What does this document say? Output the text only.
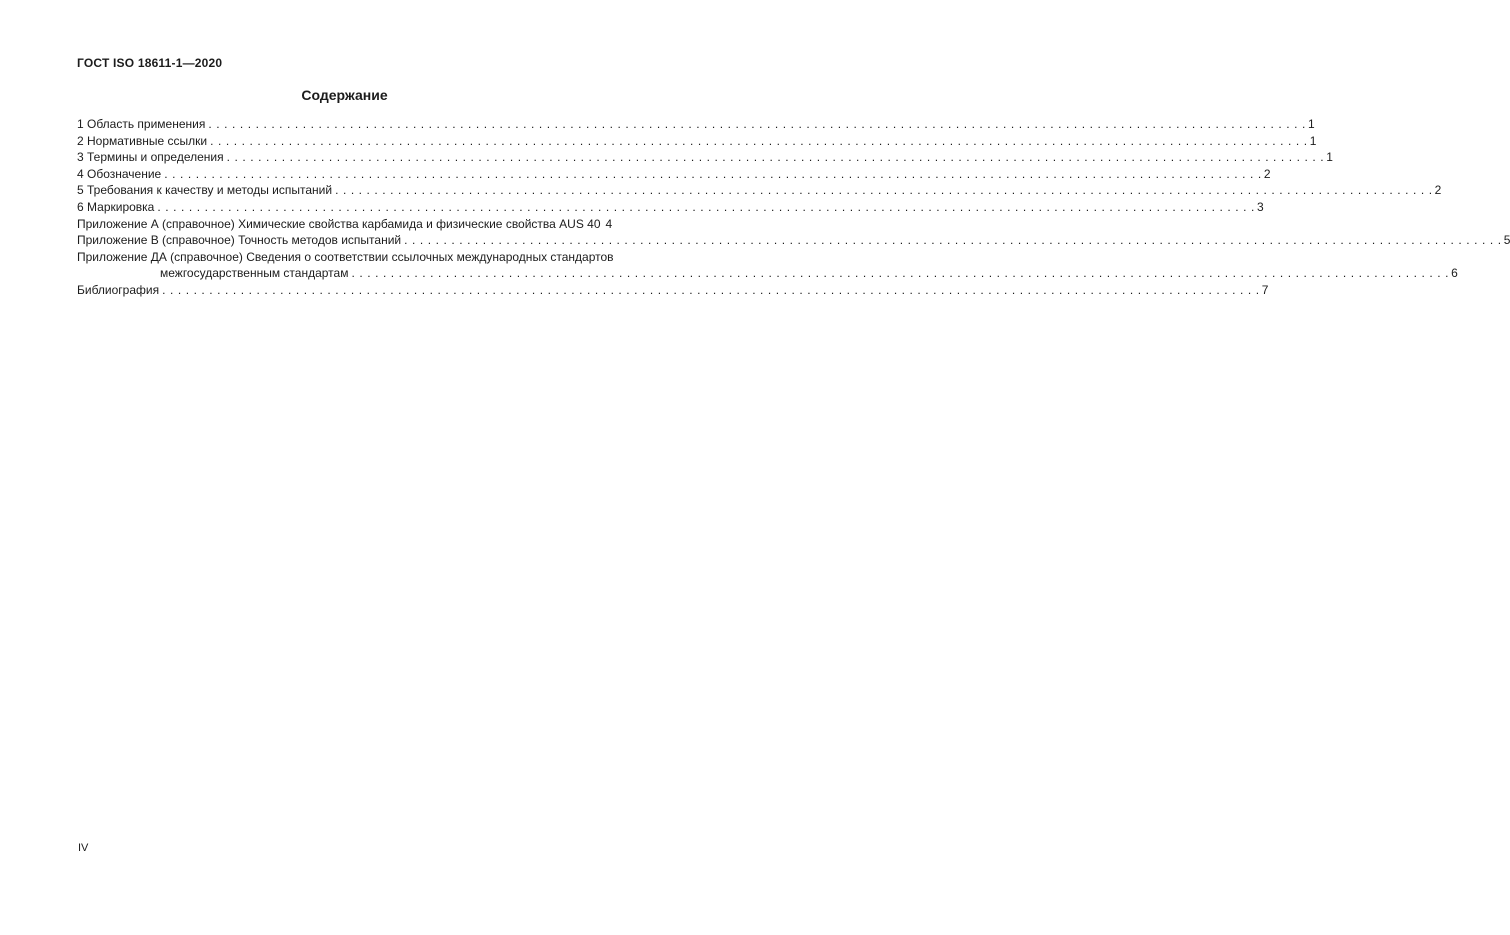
ГОСТ ISO 18611-1—2020
Содержание
1 Область применения . . . . . . . . . . . . . . . . . . . . . . . . . . . . . . . . . . . . . . . . . . . . . . . . . . . . . . . . . . . . . . . . . . . . . . . . . . . . . . . . . . . . . . . . . . . . . . . . . . . . . . . . . . . . . . . . . . . . . . . . . . . . . . . . . . . . . . . . . . . . 1
2 Нормативные ссылки . . . . . . . . . . . . . . . . . . . . . . . . . . . . . . . . . . . . . . . . . . . . . . . . . . . . . . . . . . . . . . . . . . . . . . . . . . . . . . . . . . . . . . . . . . . . . . . . . . . . . . . . . . . . . . . . . . . . . . . . . . . . . . . . . . . . . . . . . . . . 1
3 Термины и определения . . . . . . . . . . . . . . . . . . . . . . . . . . . . . . . . . . . . . . . . . . . . . . . . . . . . . . . . . . . . . . . . . . . . . . . . . . . . . . . . . . . . . . . . . . . . . . . . . . . . . . . . . . . . . . . . . . . . . . . . . . . . . . . . . . . . . . . . . . . . 1
4 Обозначение . . . . . . . . . . . . . . . . . . . . . . . . . . . . . . . . . . . . . . . . . . . . . . . . . . . . . . . . . . . . . . . . . . . . . . . . . . . . . . . . . . . . . . . . . . . . . . . . . . . . . . . . . . . . . . . . . . . . . . . . . . . . . . . . . . . . . . . . . . . . 2
5 Требования к качеству и методы испытаний . . . . . . . . . . . . . . . . . . . . . . . . . . . . . . . . . . . . . . . . . . . . . . . . . . . . . . . . . . . . . . . . . . . . . . . . . . . . . . . . . . . . . . . . . . . . . . . . . . . . . . . . . . . . . . . . . . . . . . . . . . . . . . . . . . . . . . . . . . . . 2
6 Маркировка . . . . . . . . . . . . . . . . . . . . . . . . . . . . . . . . . . . . . . . . . . . . . . . . . . . . . . . . . . . . . . . . . . . . . . . . . . . . . . . . . . . . . . . . . . . . . . . . . . . . . . . . . . . . . . . . . . . . . . . . . . . . . . . . . . . . . . . . . . . . 3
Приложение А (справочное) Химические свойства карбамида и физические свойства AUS 40 4
Приложение В (справочное) Точность методов испытаний . . . . . . . . . . . . . . . . . . . . . . . . . . . . . . . . . . . . . . . . . . . . . . . . . . . . . . . . . . . . . . . . . . . . . . . . . . . . . . . . . . . . . . . . . . . . . . . . . . . . . . . . . . . . . . . . . . . . . . . . . . . . . . . . . . . . . . . . . . . . 5
Приложение ДА (справочное) Сведения о соответствии ссылочных международных стандартов
межгосударственным стандартам . . . . . . . . . . . . . . . . . . . . . . . . . . . . . . . . . . . . . . . . . . . . . . . . . . . . . . . . . . . . . . . . . . . . . . . . . . . . . . . . . . . . . . . . . . . . . . . . . . . . . . . . . . . . . . . . . . . . . . . . . . . . . . . . . . . . . . . . . . . . 6
Библиография . . . . . . . . . . . . . . . . . . . . . . . . . . . . . . . . . . . . . . . . . . . . . . . . . . . . . . . . . . . . . . . . . . . . . . . . . . . . . . . . . . . . . . . . . . . . . . . . . . . . . . . . . . . . . . . . . . . . . . . . . . . . . . . . . . . . . . . . . . . . 7
IV
